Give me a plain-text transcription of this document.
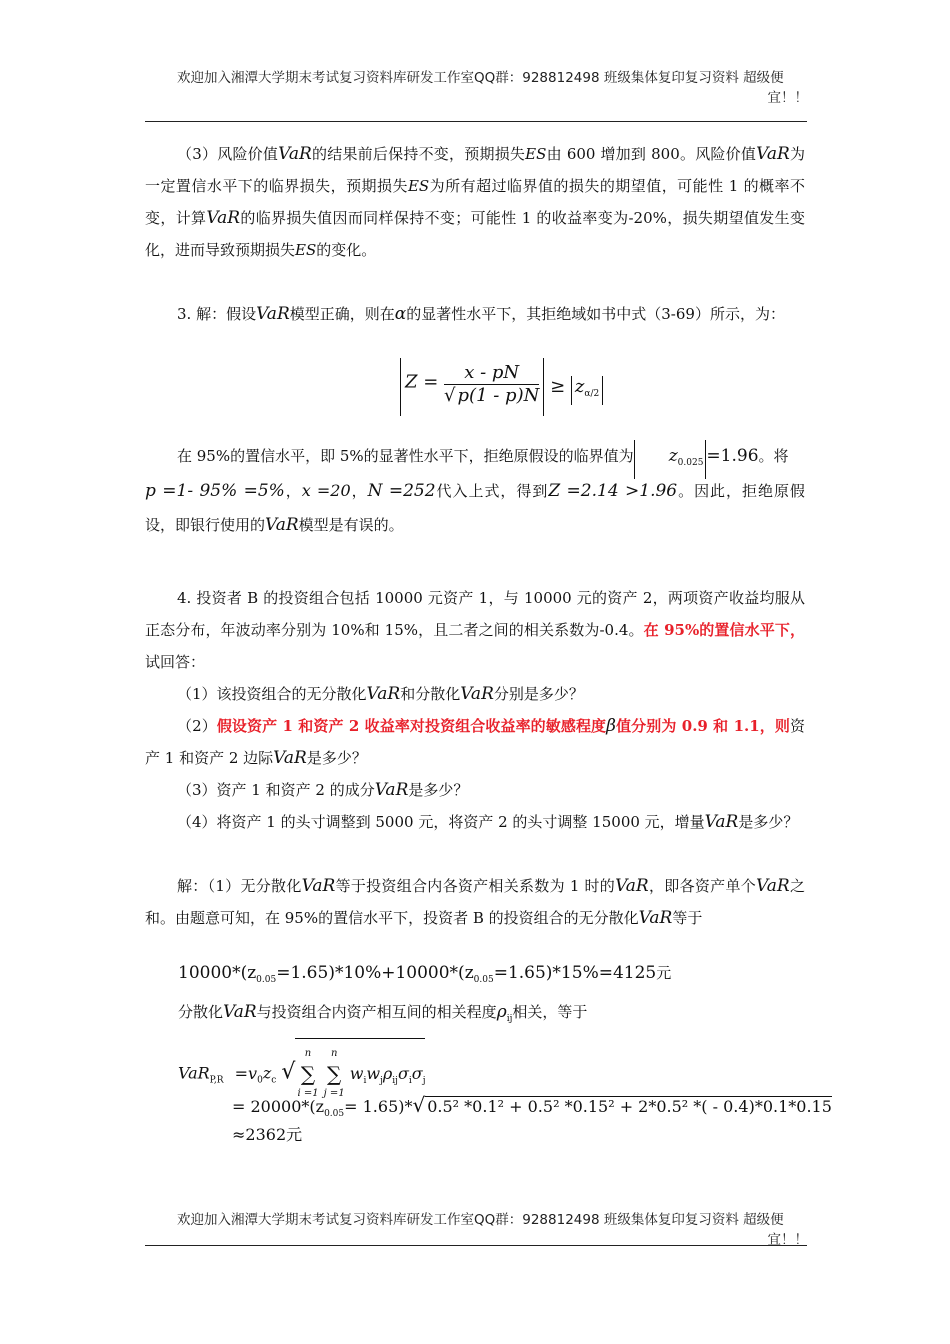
欢迎加入湘潭大学期末考试复习资料库研发工作室QQ群：928812498 班级集体复印复习资料 超级便
宜！！
（3）风险价值VaR的结果前后保持不变，预期损失ES由 600 增加到 800。风险价值VaR为一定置信水平下的临界损失，预期损失ES为所有超过临界值的损失的期望值，可能性 1 的概率不变，计算VaR的临界损失值因而同样保持不变；可能性 1 的收益率变为-20%，损失期望值发生变化，进而导致预期损失ES的变化。
3. 解：假设VaR模型正确，则在α的显著性水平下，其拒绝域如书中式（3-69）所示，为：
$Z = \frac{x - pN}{√ p(1 - p)N} \ge z_{\alpha/2}$
在 95%的置信水平，即 5%的显著性水平下，拒绝原假设的临界值为 $z_{0.025} =1.96$。将
p =1- 95% =5%，x =20，N =252代入上式，得到Z =2.14 >1.96。因此，拒绝原假设，即银行使用的VaR模型是有误的。
4. 投资者 B 的投资组合包括 10000 元资产 1，与 10000 元的资产 2，两项资产收益均服从正态分布，年波动率分别为 10%和 15%，且二者之间的相关系数为-0.4。在 95%的置信水平下，试回答：
（1）该投资组合的无分散化VaR和分散化VaR分别是多少？
（2）假设资产 1 和资产 2 收益率对投资组合收益率的敏感程度β值分别为 0.9 和 1.1，则资产 1 和资产 2 边际VaR是多少？
（3）资产 1 和资产 2 的成分VaR是多少？
（4）将资产 1 的头寸调整到 5000 元，将资产 2 的头寸调整 15000 元，增量VaR是多少？
解：（1）无分散化VaR等于投资组合内各资产相关系数为 1 时的VaR，即各资产单个VaR之和。由题意可知，在 95%的置信水平下，投资者 B 的投资组合的无分散化VaR等于
$10000*(z_{0.05}=1.65)*10\%+10000*(z_{0.05}=1.65)*15\%=4125$元
分散化VaR与投资组合内资产相互间的相关程度$\rho_{ij}$相关，等于
$VaR_{P,R} =v_0z_c$ √
n
∑
i =1

n
∑
j =1
$w_iw_j\rho_{ij}\sigma_i\sigma_j$
= $20000*(z_{0.05}= 1.65)*√$ 0.5² *0.1² + 0.5² *0.15² + 2*0.5² *( - 0.4)*0.1*0.15
≈2362元
欢迎加入湘潭大学期末考试复习资料库研发工作室QQ群：928812498 班级集体复印复习资料 超级便
宜！！
